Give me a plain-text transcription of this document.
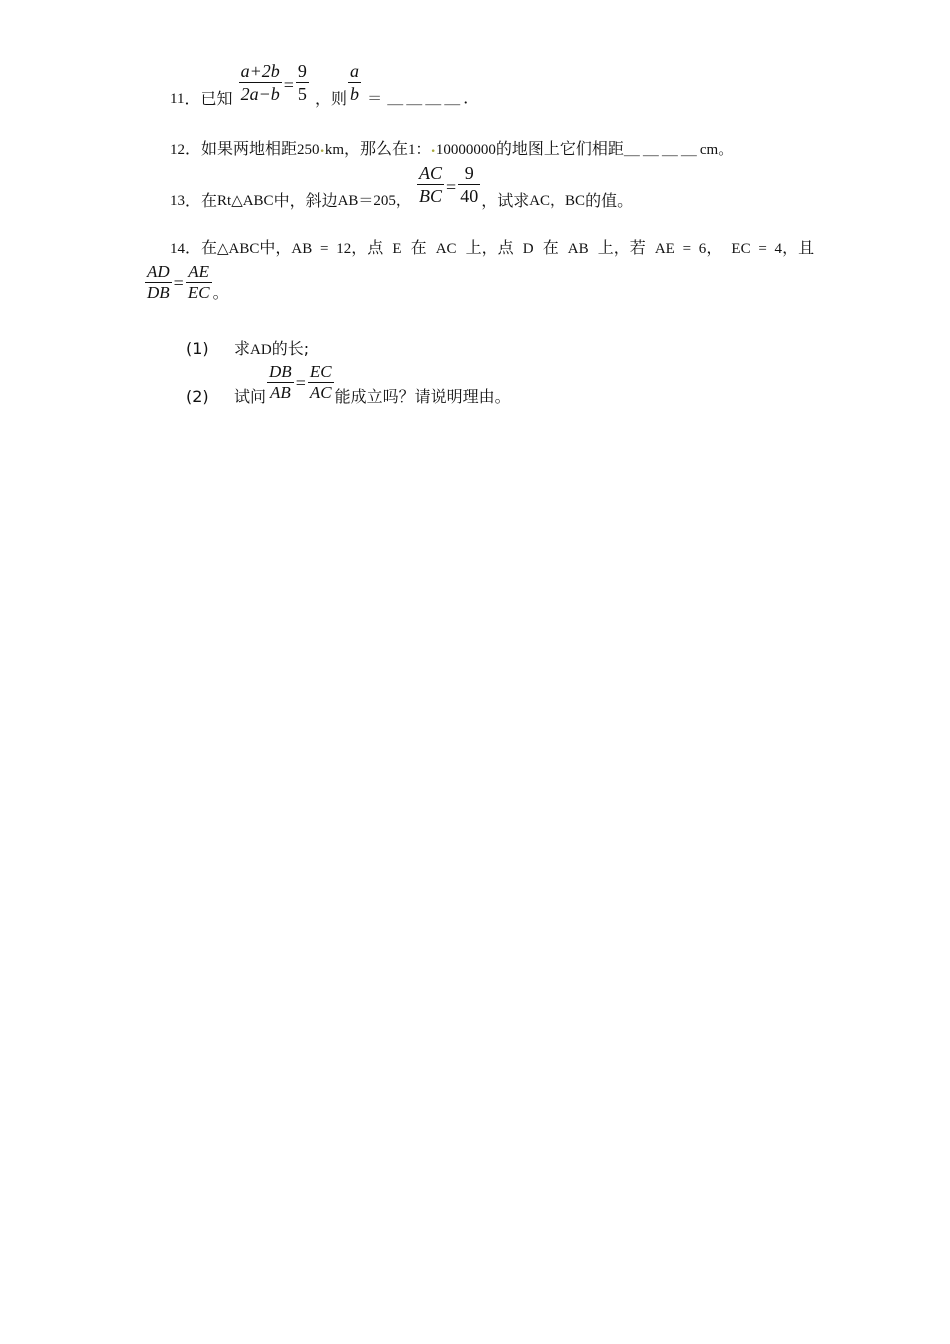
11．已知 $\frac{a+2b}{2a-b} = \frac{9}{5}$ ，则 $\frac{a}{b}$ ＝ ＿＿＿＿．
12．如果两地相距250•km，那么在1：•10000000的地图上它们相距＿＿＿＿cm。
13．在Rt△ABC中，斜边AB＝205， $\frac{AC}{BC} = \frac{9}{40}$ ，试求AC，BC的值。
14．在△ABC中，AB = 12，点 E 在 AC 上，点 D 在 AB 上，若 AE = 6， EC = 4，且
$\frac{AD}{DB} = \frac{AE}{EC}$ 。
(1) 求AD的长;
(2) 试问 $\frac{DB}{AB} = \frac{EC}{AC}$ 能成立吗？请说明理由。
